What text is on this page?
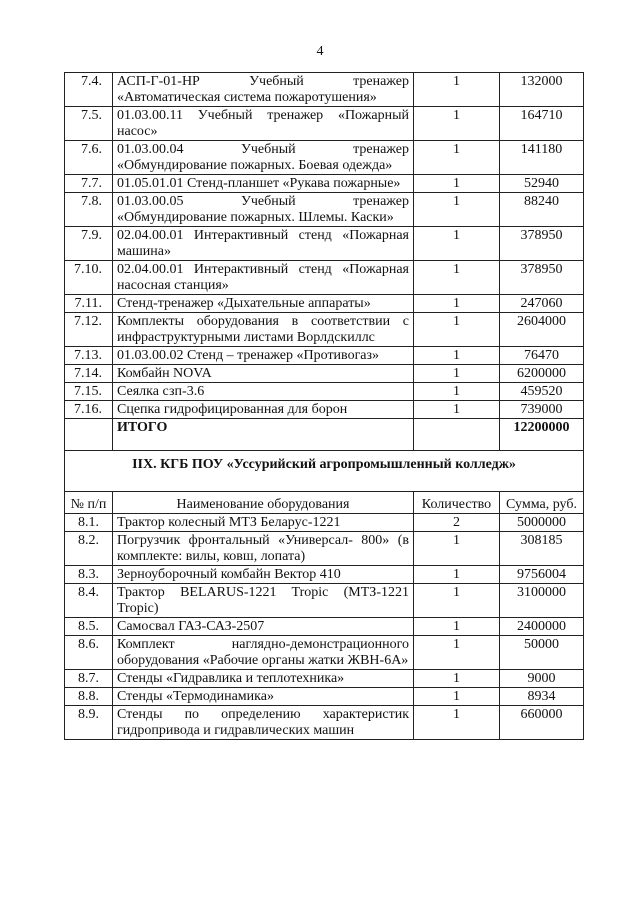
4
7.4.	АСП-Г-01-НР Учебный тренажер «Автоматическая система пожаротушения»	1	132000
7.5.	01.03.00.11 Учебный тренажер «Пожарный насос»	1	164710
7.6.	01.03.00.04 Учебный тренажер «Обмундирование пожарных. Боевая одежда»	1	141180
7.7.	01.05.01.01 Стенд-планшет «Рукава пожарные»	1	52940
7.8.	01.03.00.05 Учебный тренажер «Обмундирование пожарных. Шлемы. Каски»	1	88240
7.9.	02.04.00.01 Интерактивный стенд «Пожарная машина»	1	378950
7.10.	02.04.00.01 Интерактивный стенд «Пожарная насосная станция»	1	378950
7.11.	Стенд-тренажер «Дыхательные аппараты»	1	247060
7.12.	Комплекты оборудования в соответствии с инфраструктурными листами Ворлдскиллс	1	2604000
7.13.	01.03.00.02 Стенд – тренажер «Противогаз»	1	76470
7.14.	Комбайн NOVA	1	6200000
7.15.	Сеялка сзп-3.6	1	459520
7.16.	Сцепка гидрофицированная для борон	1	739000
	ИТОГО		12200000
IIX. КГБ ПОУ «Уссурийский агропромышленный колледж»			
№ п/п	Наименование оборудования	Количество	Сумма, руб.
8.1.	Трактор колесный МТЗ Беларус-1221	2	5000000
8.2.	Погрузчик фронтальный «Универсал- 800» (в комплекте: вилы, ковш, лопата)	1	308185
8.3.	Зерноуборочный комбайн Вектор 410	1	9756004
8.4.	Трактор BELARUS-1221 Tropic (МТЗ-1221 Tropic)	1	3100000
8.5.	Самосвал ГАЗ-САЗ-2507	1	2400000
8.6.	Комплект наглядно-демонстрационного оборудования «Рабочие органы жатки ЖВН-6А»	1	50000
8.7.	Стенды «Гидравлика и теплотехника»	1	9000
8.8.	Стенды «Термодинамика»	1	8934
8.9.	Стенды по определению характеристик гидропривода и гидравлических машин	1	660000
